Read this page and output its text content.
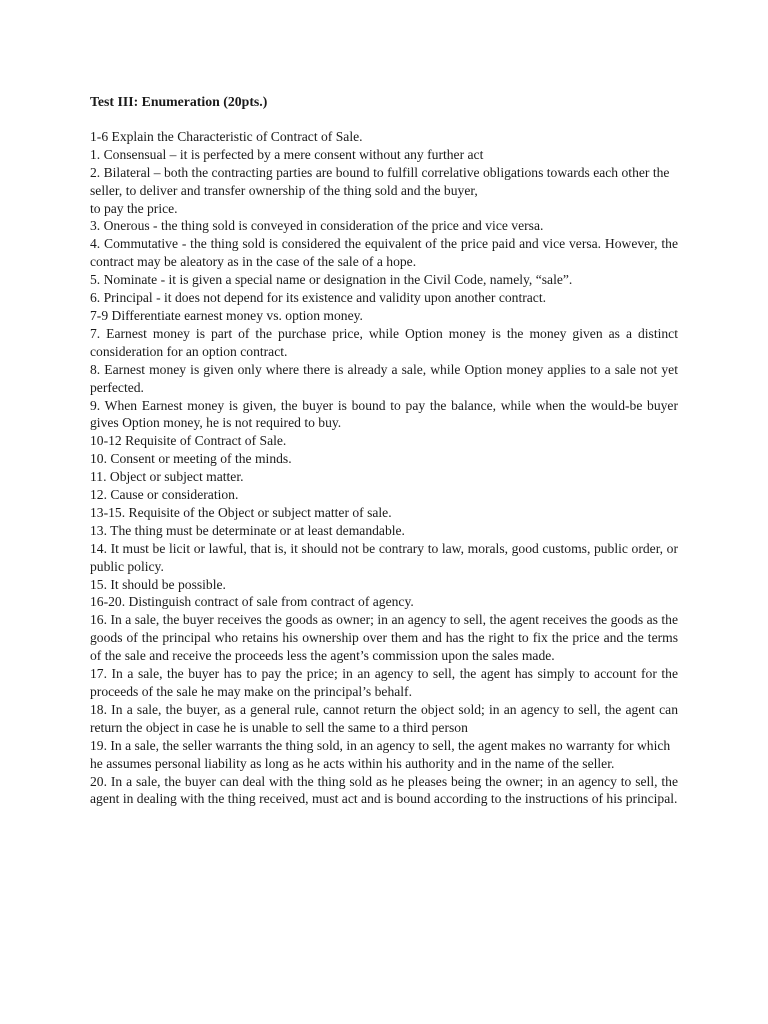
Test III: Enumeration (20pts.)

1-6 Explain the Characteristic of Contract of Sale.

1. Consensual – it is perfected by a mere consent without any further act

2. Bilateral – both the contracting parties are bound to fulfill correlative obligations towards each other the seller, to deliver and transfer ownership of the thing sold and the buyer,

to pay the price.

3. Onerous - the thing sold is conveyed in consideration of the price and vice versa.

4. Commutative - the thing sold is considered the equivalent of the price paid and vice versa. However, the contract may be aleatory as in the case of the sale of a hope.

5. Nominate - it is given a special name or designation in the Civil Code, namely, “sale”.

6. Principal - it does not depend for its existence and validity upon another contract.

7-9 Differentiate earnest money vs. option money.

7. Earnest money is part of the purchase price, while Option money is the money given as a distinct consideration for an option contract.

8. Earnest money is given only where there is already a sale, while Option money applies to a sale not yet perfected.

9. When Earnest money is given, the buyer is bound to pay the balance, while when the would-be buyer gives Option money, he is not required to buy.

10-12 Requisite of Contract of Sale.

10. Consent or meeting of the minds.

11. Object or subject matter.

12. Cause or consideration.

13-15. Requisite of the Object or subject matter of sale.

13. The thing must be determinate or at least demandable.

14. It must be licit or lawful, that is, it should not be contrary to law, morals, good customs, public order, or public policy.

15. It should be possible.

16-20. Distinguish contract of sale from contract of agency.

16. In a sale, the buyer receives the goods as owner; in an agency to sell, the agent receives the goods as the goods of the principal who retains his ownership over them and has the right to fix the price and the terms of the sale and receive the proceeds less the agent’s commission upon the sales made.

17. In a sale, the buyer has to pay the price; in an agency to sell, the agent has simply to account for the proceeds of the sale he may make on the principal’s behalf.

18. In a sale, the buyer, as a general rule, cannot return the object sold; in an agency to sell, the agent can return the object in case he is unable to sell the same to a third person

19. In a sale, the seller warrants the thing sold, in an agency to sell, the agent makes no warranty for which he assumes personal liability as long as he acts within his authority and in the name of the seller.

20. In a sale, the buyer can deal with the thing sold as he pleases being the owner; in an agency to sell, the agent in dealing with the thing received, must act and is bound according to the instructions of his principal.
